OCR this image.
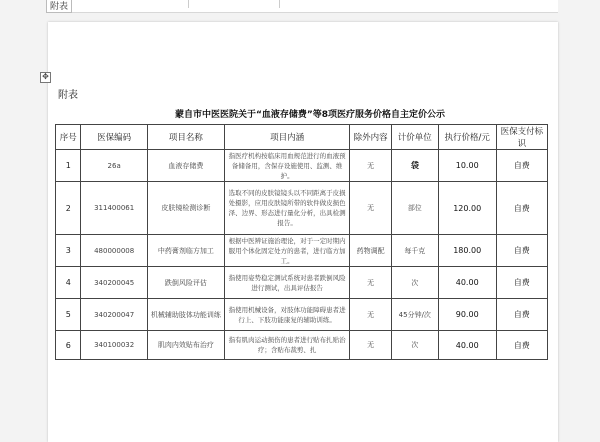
附表
✥
附表
蒙自市中医医院关于“血液存储费”等8项医疗服务价格自主定价公示
序号	医保编码	项目名称	项目内涵	除外内容	计价单位	执行价格/元	医保支付标识
1	26a	血液存储费	指医疗机构按临床用血规范进行的血液预备储备用，含保存设施使用、监测、维护。	无	袋	10.00	自费
2	311400061	皮肤镜检测诊断	选取不同的皮肤镜镜头以不同距离于皮损处摄影，应用皮肤镜所带的软件做皮损色泽、边界、形态进行量化分析，出具检测报告。	无	部位	120.00	自费
3	480000008	中药膏剂临方加工	根据中医辨证施治理论，对于一定时期内服用个体化固定处方的患者，进行临方加工。	药物调配	每千克	180.00	自费
4	340200045	跌倒风险评估	指使用姿势稳定测试系统对患者跌倒风险进行测试，出具评估报告	无	次	40.00	自费
5	340200047	机械辅助肢体功能训练	指使用机械设备，对肢体功能障碍患者进行上、下肢功能康复的辅助训练。	无	45分钟/次	90.00	自费
6	340100032	肌肉内效贴布治疗	指有肌肉运动损伤的患者进行贴布扎贴治疗；含贴布裁剪、扎	无	次	40.00	自费
